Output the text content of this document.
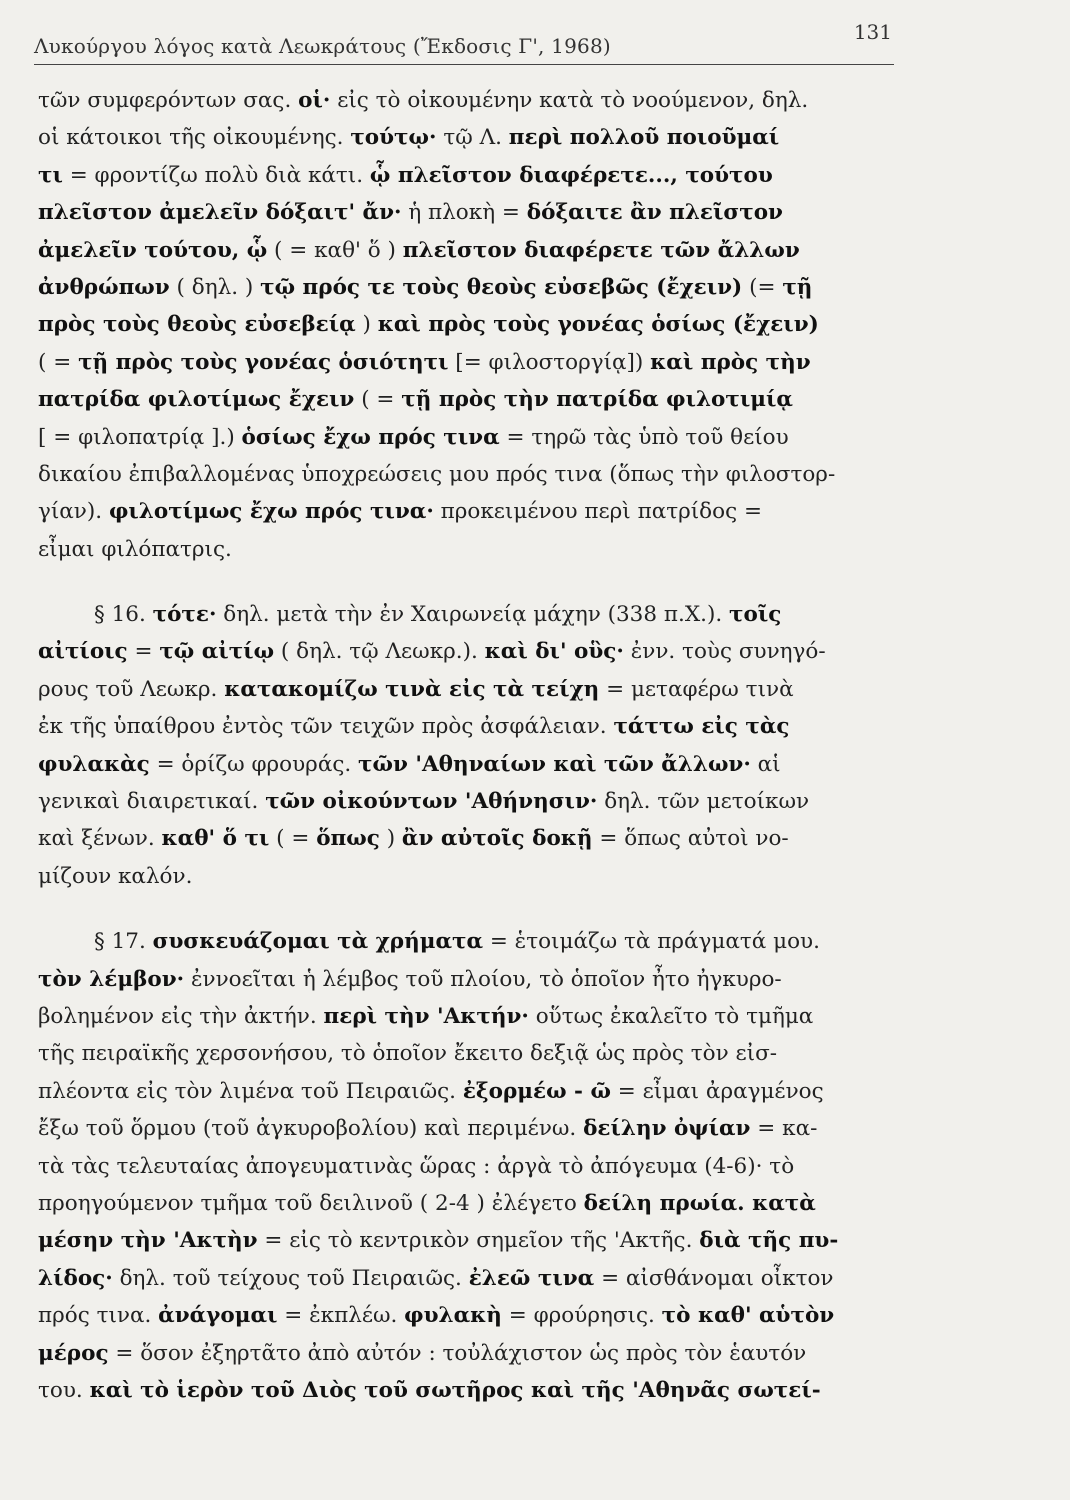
Λυκούργου λόγος κατὰ Λεωκράτους (Ἔκδοσις Γ', 1968)
131
τῶν συμφερόντων σας. οἱ· εἰς τὸ οἰκουμένην κατὰ τὸ νοούμενον, δηλ.
οἱ κάτοικοι τῆς οἰκουμένης. τούτῳ· τῷ Λ. περὶ πολλοῦ ποιοῦμαί
τι = φροντίζω πολὺ διὰ κάτι. ᾧ πλεῖστον διαφέρετε..., τούτου
πλεῖστον ἀμελεῖν δόξαιτ' ἄν· ἡ πλοκὴ = δόξαιτε ἂν πλεῖστον
ἀμελεῖν τούτου, ᾧ ( = καθ' ὅ ) πλεῖστον διαφέρετε τῶν ἄλλων
ἀνθρώπων ( δηλ. ) τῷ πρός τε τοὺς θεοὺς εὐσεβῶς (ἔχειν) (= τῇ
πρὸς τοὺς θεοὺς εὐσεβείᾳ ) καὶ πρὸς τοὺς γονέας ὁσίως (ἔχειν)
( = τῇ πρὸς τοὺς γονέας ὁσιότητι [= φιλοστοργίᾳ]) καὶ πρὸς τὴν
πατρίδα φιλοτίμως ἔχειν ( = τῇ πρὸς τὴν πατρίδα φιλοτιμίᾳ
[ = φιλοπατρίᾳ ].) ὁσίως ἔχω πρός τινα = τηρῶ τὰς ὑπὸ τοῦ θείου
δικαίου ἐπιβαλλομένας ὑποχρεώσεις μου πρός τινα (ὅπως τὴν φιλοστορ-
γίαν). φιλοτίμως ἔχω πρός τινα· προκειμένου περὶ πατρίδος =
εἶμαι φιλόπατρις.
§ 16. τότε· δηλ. μετὰ τὴν ἐν Χαιρωνείᾳ μάχην (338 π.Χ.). τοῖς
αἰτίοις = τῷ αἰτίῳ ( δηλ. τῷ Λεωκρ.). καὶ δι' οὓς· ἐνν. τοὺς συνηγό-
ρους τοῦ Λεωκρ. κατακομίζω τινὰ εἰς τὰ τείχη = μεταφέρω τινὰ
ἐκ τῆς ὑπαίθρου ἐντὸς τῶν τειχῶν πρὸς ἀσφάλειαν. τάττω εἰς τὰς
φυλακὰς = ὁρίζω φρουράς. τῶν 'Αθηναίων καὶ τῶν ἄλλων· αἱ
γενικαὶ διαιρετικαί. τῶν οἰκούντων 'Αθήνησιν· δηλ. τῶν μετοίκων
καὶ ξένων. καθ' ὅ τι ( = ὅπως ) ἂν αὐτοῖς δοκῇ = ὅπως αὐτοὶ νο-
μίζουν καλόν.
§ 17. συσκευάζομαι τὰ χρήματα = ἑτοιμάζω τὰ πράγματά μου.
τὸν λέμβον· ἐννοεῖται ἡ λέμβος τοῦ πλοίου, τὸ ὁποῖον ἦτο ἠγκυρο-
βολημένον εἰς τὴν ἀκτήν. περὶ τὴν 'Ακτήν· οὕτως ἐκαλεῖτο τὸ τμῆμα
τῆς πειραϊκῆς χερσονήσου, τὸ ὁποῖον ἔκειτο δεξιᾷ ὡς πρὸς τὸν εἰσ-
πλέοντα εἰς τὸν λιμένα τοῦ Πειραιῶς. ἐξορμέω - ῶ = εἶμαι ἀραγμένος
ἔξω τοῦ ὅρμου (τοῦ ἀγκυροβολίου) καὶ περιμένω. δείλην ὀψίαν = κα-
τὰ τὰς τελευταίας ἀπογευματινὰς ὥρας : ἀργὰ τὸ ἀπόγευμα (4-6)· τὸ
προηγούμενον τμῆμα τοῦ δειλινοῦ ( 2-4 ) ἐλέγετο δείλη πρωία. κατὰ
μέσην τὴν 'Ακτὴν = εἰς τὸ κεντρικὸν σημεῖον τῆς 'Ακτῆς. διὰ τῆς πυ-
λίδος· δηλ. τοῦ τείχους τοῦ Πειραιῶς. ἐλεῶ τινα = αἰσθάνομαι οἶκτον
πρός τινα. ἀνάγομαι = ἐκπλέω. φυλακὴ = φρούρησις. τὸ καθ' αὑτὸν
μέρος = ὅσον ἐξηρτᾶτο ἀπὸ αὐτόν : τοὐλάχιστον ὡς πρὸς τὸν ἑαυτόν
του. καὶ τὸ ἱερὸν τοῦ Διὸς τοῦ σωτῆρος καὶ τῆς 'Αθηνᾶς σωτεί-
